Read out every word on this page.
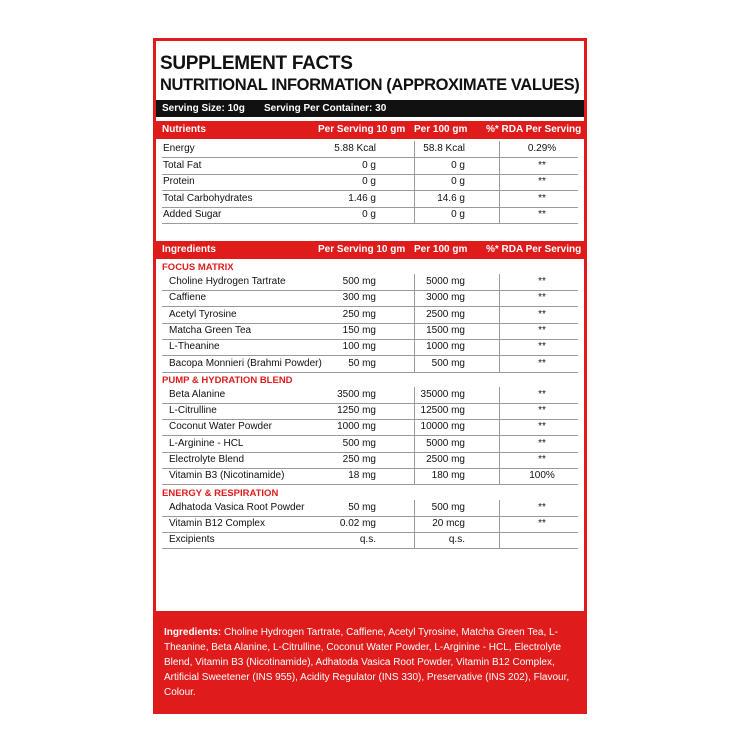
SUPPLEMENT FACTS
NUTRITIONAL INFORMATION (APPROXIMATE VALUES)
Serving Size: 10g Serving Per Container: 30
Nutrients	Per Serving 10 gm Per 100 gm %* RDA Per Serving
Energy	5.88 Kcal	58.8 Kcal	0.29%
Total Fat	0 g	0 g	**
Protein	0 g	0 g	**
Total Carbohydrates	1.46 g	14.6 g	**
Added Sugar	0 g	0 g	**
Ingredients	Per Serving 10 gm Per 100 gm %* RDA Per Serving
FOCUS MATRIX
Choline Hydrogen Tartrate	500 mg	5000 mg	**
Caffiene	300 mg	3000 mg	**
Acetyl Tyrosine	250 mg	2500 mg	**
Matcha Green Tea	150 mg	1500 mg	**
L-Theanine	100 mg	1000 mg	**
Bacopa Monnieri (Brahmi Powder)	50 mg	500 mg	**
PUMP & HYDRATION BLEND
Beta Alanine	3500 mg	35000 mg	**
L-Citrulline	1250 mg	12500 mg	**
Coconut Water Powder	1000 mg	10000 mg	**
L-Arginine - HCL	500 mg	5000 mg	**
Electrolyte Blend	250 mg	2500 mg	**
Vitamin B3 (Nicotinamide)	18 mg	180 mg	100%
ENERGY & RESPIRATION
Adhatoda Vasica Root Powder	50 mg	500 mg	**
Vitamin B12 Complex	0.02 mg	20 mcg	**
Excipients	q.s.	q.s.
Ingredients: Choline Hydrogen Tartrate, Caffiene, Acetyl Tyrosine, Matcha Green Tea, L-Theanine, Beta Alanine, L-Citrulline, Coconut Water Powder, L-Arginine - HCL, Electrolyte Blend, Vitamin B3 (Nicotinamide), Adhatoda Vasica Root Powder, Vitamin B12 Complex, Artificial Sweetener (INS 955), Acidity Regulator (INS 330), Preservative (INS 202), Flavour, Colour.
